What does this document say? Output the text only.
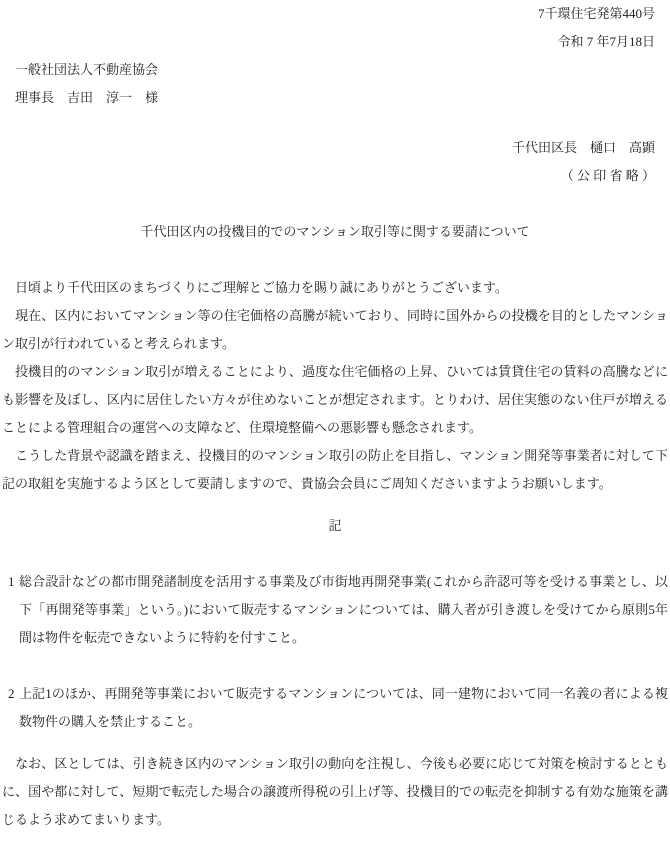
7千環住宅発第440号
令和 7 年7月18日
一般社団法人不動産協会
理事長　吉田　淳一　様
千代田区長　樋口　高顕
（ 公 印 省 略 ）
千代田区内の投機目的でのマンション取引等に関する要請について

　日頃より千代田区のまちづくりにご理解とご協力を賜り誠にありがとうございます。

　現在、区内においてマンション等の住宅価格の高騰が続いており、同時に国外からの投機を目的としたマンション取引が行われていると考えられます。

　投機目的のマンション取引が増えることにより、過度な住宅価格の上昇、ひいては賃貸住宅の賃料の高騰などにも影響を及ぼし、区内に居住したい方々が住めないことが想定されます。とりわけ、居住実態のない住戸が増えることによる管理組合の運営への支障など、住環境整備への悪影響も懸念されます。

　こうした背景や認識を踏まえ、投機目的のマンション取引の防止を目指し、マンション開発等事業者に対して下記の取組を実施するよう区として要請しますので、貴協会会員にご周知くださいますようお願いします。

記
1 総合設計などの都市開発諸制度を活用する事業及び市街地再開発事業(これから許認可等を受ける事業とし、以下「再開発等事業」という。)において販売するマンションについては、購入者が引き渡しを受けてから原則5年間は物件を転売できないように特約を付すこと。
2 上記1のほか、再開発等事業において販売するマンションについては、同一建物において同一名義の者による複数物件の購入を禁止すること。

　なお、区としては、引き続き区内のマンション取引の動向を注視し、今後も必要に応じて対策を検討するとともに、国や都に対して、短期で転売した場合の譲渡所得税の引上げ等、投機目的での転売を抑制する有効な施策を講じるよう求めてまいります。
